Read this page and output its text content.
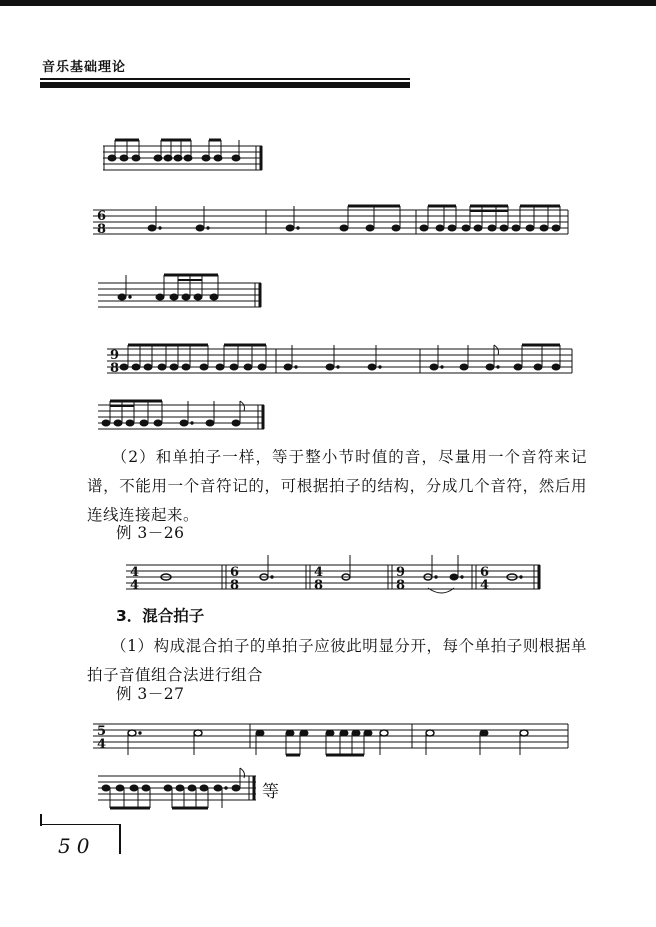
音乐基础理论
6
8
9
8
4
4
6
8
4
8
9
8
6
4
5
4
（2）和单拍子一样，等于整小节时值的音，尽量用一个音符来记谱，不能用一个音符记的，可根据拍子的结构，分成几个音符，然后用连线连接起来。
例 3－26
3．混合拍子
（1）构成混合拍子的单拍子应彼此明显分开，每个单拍子则根据单拍子音值组合法进行组合
例 3－27
等
50
